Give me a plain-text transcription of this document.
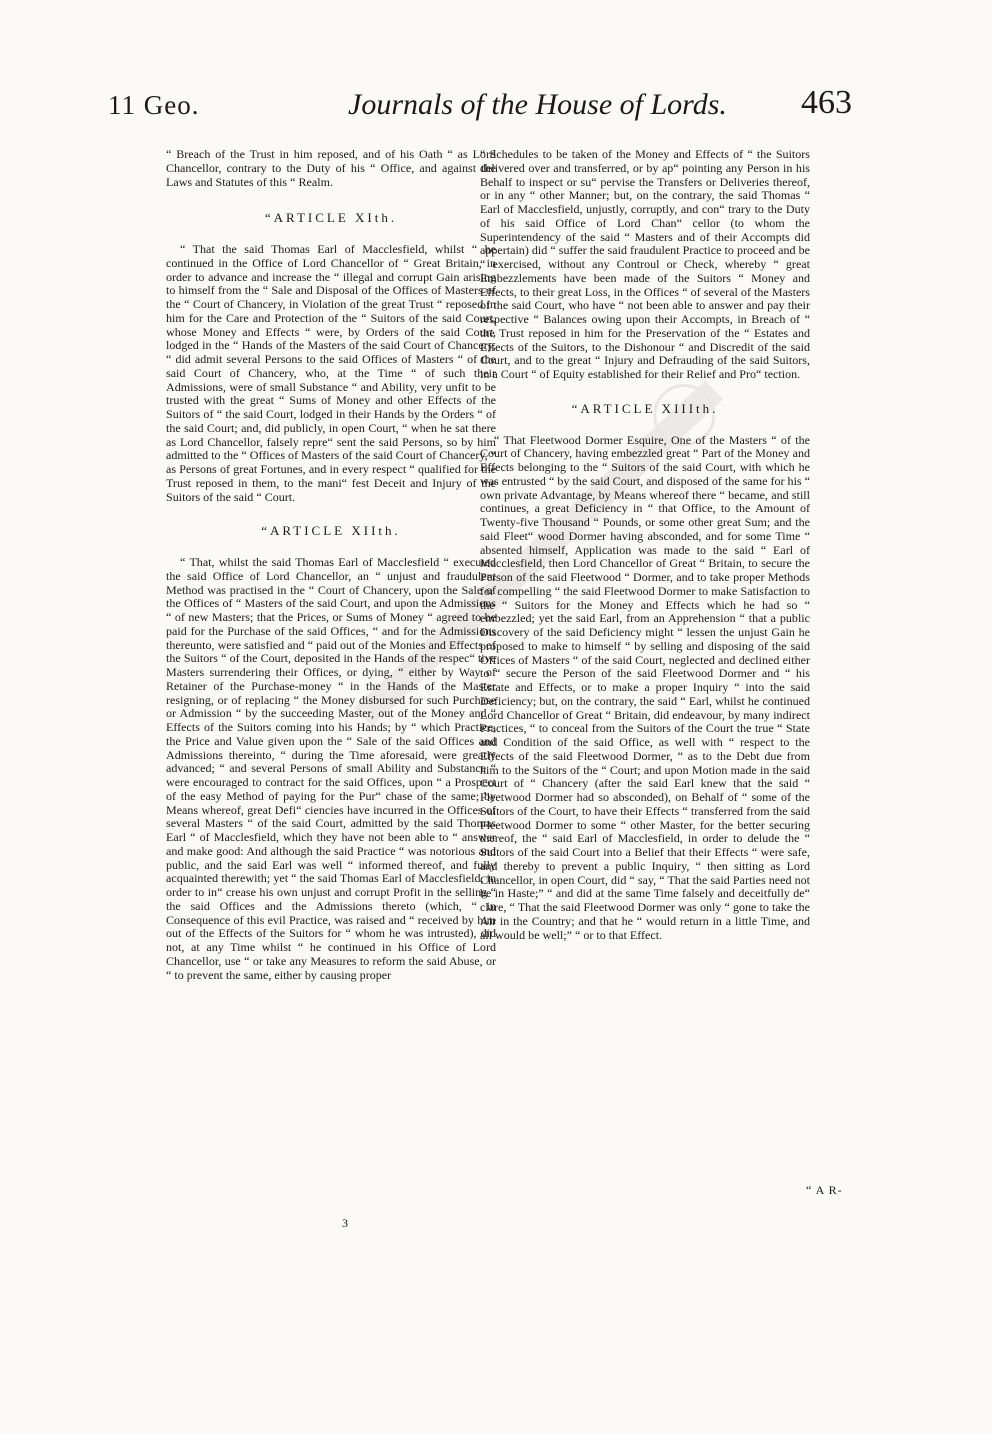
11 Geo.	Journals of the House of Lords. 463

“ Breach of the Trust in him reposed, and of his Oath “ as Lord Chancellor, contrary to the Duty of his “ Office, and against the Laws and Statutes of this “ Realm.

“ARTICLE XIth.

“ That the said Thomas Earl of Macclesfield, whilst “ he continued in the Office of Lord Chancellor of “ Great Britain, in order to advance and increase the “ illegal and corrupt Gain arising to himself from the “ Sale and Disposal of the Offices of Masters of the “ Court of Chancery, in Violation of the great Trust “ reposed in him for the Care and Protection of the “ Suitors of the said Court, whose Money and Effects “ were, by Orders of the said Court, lodged in the “ Hands of the Masters of the said Court of Chancery, “ did admit several Persons to the said Offices of Masters “ of the said Court of Chancery, who, at the Time “ of such their Admissions, were of small Substance “ and Ability, very unfit to be trusted with the great “ Sums of Money and other Effects of the Suitors of “ the said Court, lodged in their Hands by the Orders “ of the said Court; and, did publicly, in open Court, “ when he sat there as Lord Chancellor, falsely repre“ sent the said Persons, so by him admitted to the “ Offices of Masters of the said Court of Chancery, “ as Persons of great Fortunes, and in every respect “ qualified for the Trust reposed in them, to the mani“ fest Deceit and Injury of the Suitors of the said “ Court.

“ARTICLE XIIth.

“ That, whilst the said Thomas Earl of Macclesfield “ executed the said Office of Lord Chancellor, an “ unjust and fraudulent Method was practised in the “ Court of Chancery, upon the Sale of the Offices of “ Masters of the said Court, and upon the Admissions “ of new Masters; that the Prices, or Sums of Money “ agreed to be paid for the Purchase of the said Offices, “ and for the Admissions thereunto, were satisfied and “ paid out of the Monies and Effects of the Suitors “ of the Court, deposited in the Hands of the respec“ tive Masters surrendering their Offices, or dying, “ either by Way of Retainer of the Purchase-money “ in the Hands of the Master resigning, or of replacing “ the Money disbursed for such Purchase or Admission “ by the succeeding Master, out of the Money and “ Effects of the Suitors coming into his Hands; by “ which Practice, the Price and Value given upon the “ Sale of the said Offices and Admissions thereinto, “ during the Time aforesaid, were greatly advanced; “ and several Persons of small Ability and Substance “ were encouraged to contract for the said Offices, upon “ a Prospect of the easy Method of paying for the Pur“ chase of the same; by Means whereof, great Defi“ ciencies have incurred in the Offices of several Masters “ of the said Court, admitted by the said Thomas Earl “ of Macclesfield, which they have not been able to “ answer and make good: And although the said Practice “ was notorious and public, and the said Earl was well “ informed thereof, and fully acquainted therewith; yet “ the said Thomas Earl of Macclesfield, in order to in“ crease his own unjust and corrupt Profit in the selling “ the said Offices and the Admissions thereto (which, “ in Consequence of this evil Practice, was raised and “ received by him out of the Effects of the Suitors for “ whom he was intrusted), did not, at any Time whilst “ he continued in his Office of Lord Chancellor, use “ or take any Measures to reform the said Abuse, or “ to prevent the same, either by causing proper

“ Schedules to be taken of the Money and Effects of “ the Suitors delivered over and transferred, or by ap“ pointing any Person in his Behalf to inspect or su“ pervise the Transfers or Deliveries thereof, or in any “ other Manner; but, on the contrary, the said Thomas “ Earl of Macclesfield, unjustly, corruptly, and con“ trary to the Duty of his said Office of Lord Chan“ cellor (to whom the Superintendency of the said “ Masters and of their Accompts did appertain) did “ suffer the said fraudulent Practice to proceed and be “ exercised, without any Controul or Check, whereby “ great Embezzlements have been made of the Suitors “ Money and Effects, to their great Loss, in the Offices “ of several of the Masters of the said Court, who have “ not been able to answer and pay their respective “ Balances owing upon their Accompts, in Breach of “ the Trust reposed in him for the Preservation of the “ Estates and Effects of the Suitors, to the Dishonour “ and Discredit of the said Court, and to the great “ Injury and Defrauding of the said Suitors, in a Court “ of Equity established for their Relief and Pro“ tection.

“ARTICLE XIIIth.

“ That Fleetwood Dormer Esquire, One of the Masters “ of the Court of Chancery, having embezzled great “ Part of the Money and Effects belonging to the “ Suitors of the said Court, with which he was entrusted “ by the said Court, and disposed of the same for his “ own private Advantage, by Means whereof there “ became, and still continues, a great Deficiency in “ that Office, to the Amount of Twenty-five Thousand “ Pounds, or some other great Sum; and the said Fleet“ wood Dormer having absconded, and for some Time “ absented himself, Application was made to the said “ Earl of Macclesfield, then Lord Chancellor of Great “ Britain, to secure the Person of the said Fleetwood “ Dormer, and to take proper Methods for compelling “ the said Fleetwood Dormer to make Satisfaction to the “ Suitors for the Money and Effects which he had so “ embezzled; yet the said Earl, from an Apprehension “ that a public Discovery of the said Deficiency might “ lessen the unjust Gain he proposed to make to himself “ by selling and disposing of the said Offices of Masters “ of the said Court, neglected and declined either to “ secure the Person of the said Fleetwood Dormer and “ his Estate and Effects, or to make a proper Inquiry “ into the said Deficiency; but, on the contrary, the said “ Earl, whilst he continued Lord Chancellor of Great “ Britain, did endeavour, by many indirect Practices, “ to conceal from the Suitors of the Court the true “ State and Condition of the said Office, as well with “ respect to the Effects of the said Fleetwood Dormer, “ as to the Debt due from him to the Suitors of the “ Court; and upon Motion made in the said Court of “ Chancery (after the said Earl knew that the said “ Fleetwood Dormer had so absconded), on Behalf of “ some of the Suitors of the Court, to have their Effects “ transferred from the said Fleetwood Dormer to some “ other Master, for the better securing thereof, the “ said Earl of Macclesfield, in order to delude the “ Suitors of the said Court into a Belief that their Effects “ were safe, and thereby to prevent a public Inquiry, “ then sitting as Lord Chancellor, in open Court, did “ say, “ That the said Parties need not be in Haste;” “ and did at the same Time falsely and deceitfully de“ clare, “ That the said Fleetwood Dormer was only “ gone to take the Air in the Country; and that he “ would return in a little Time, and all would be well;” “ or to that Effect.

“ A R-
3
